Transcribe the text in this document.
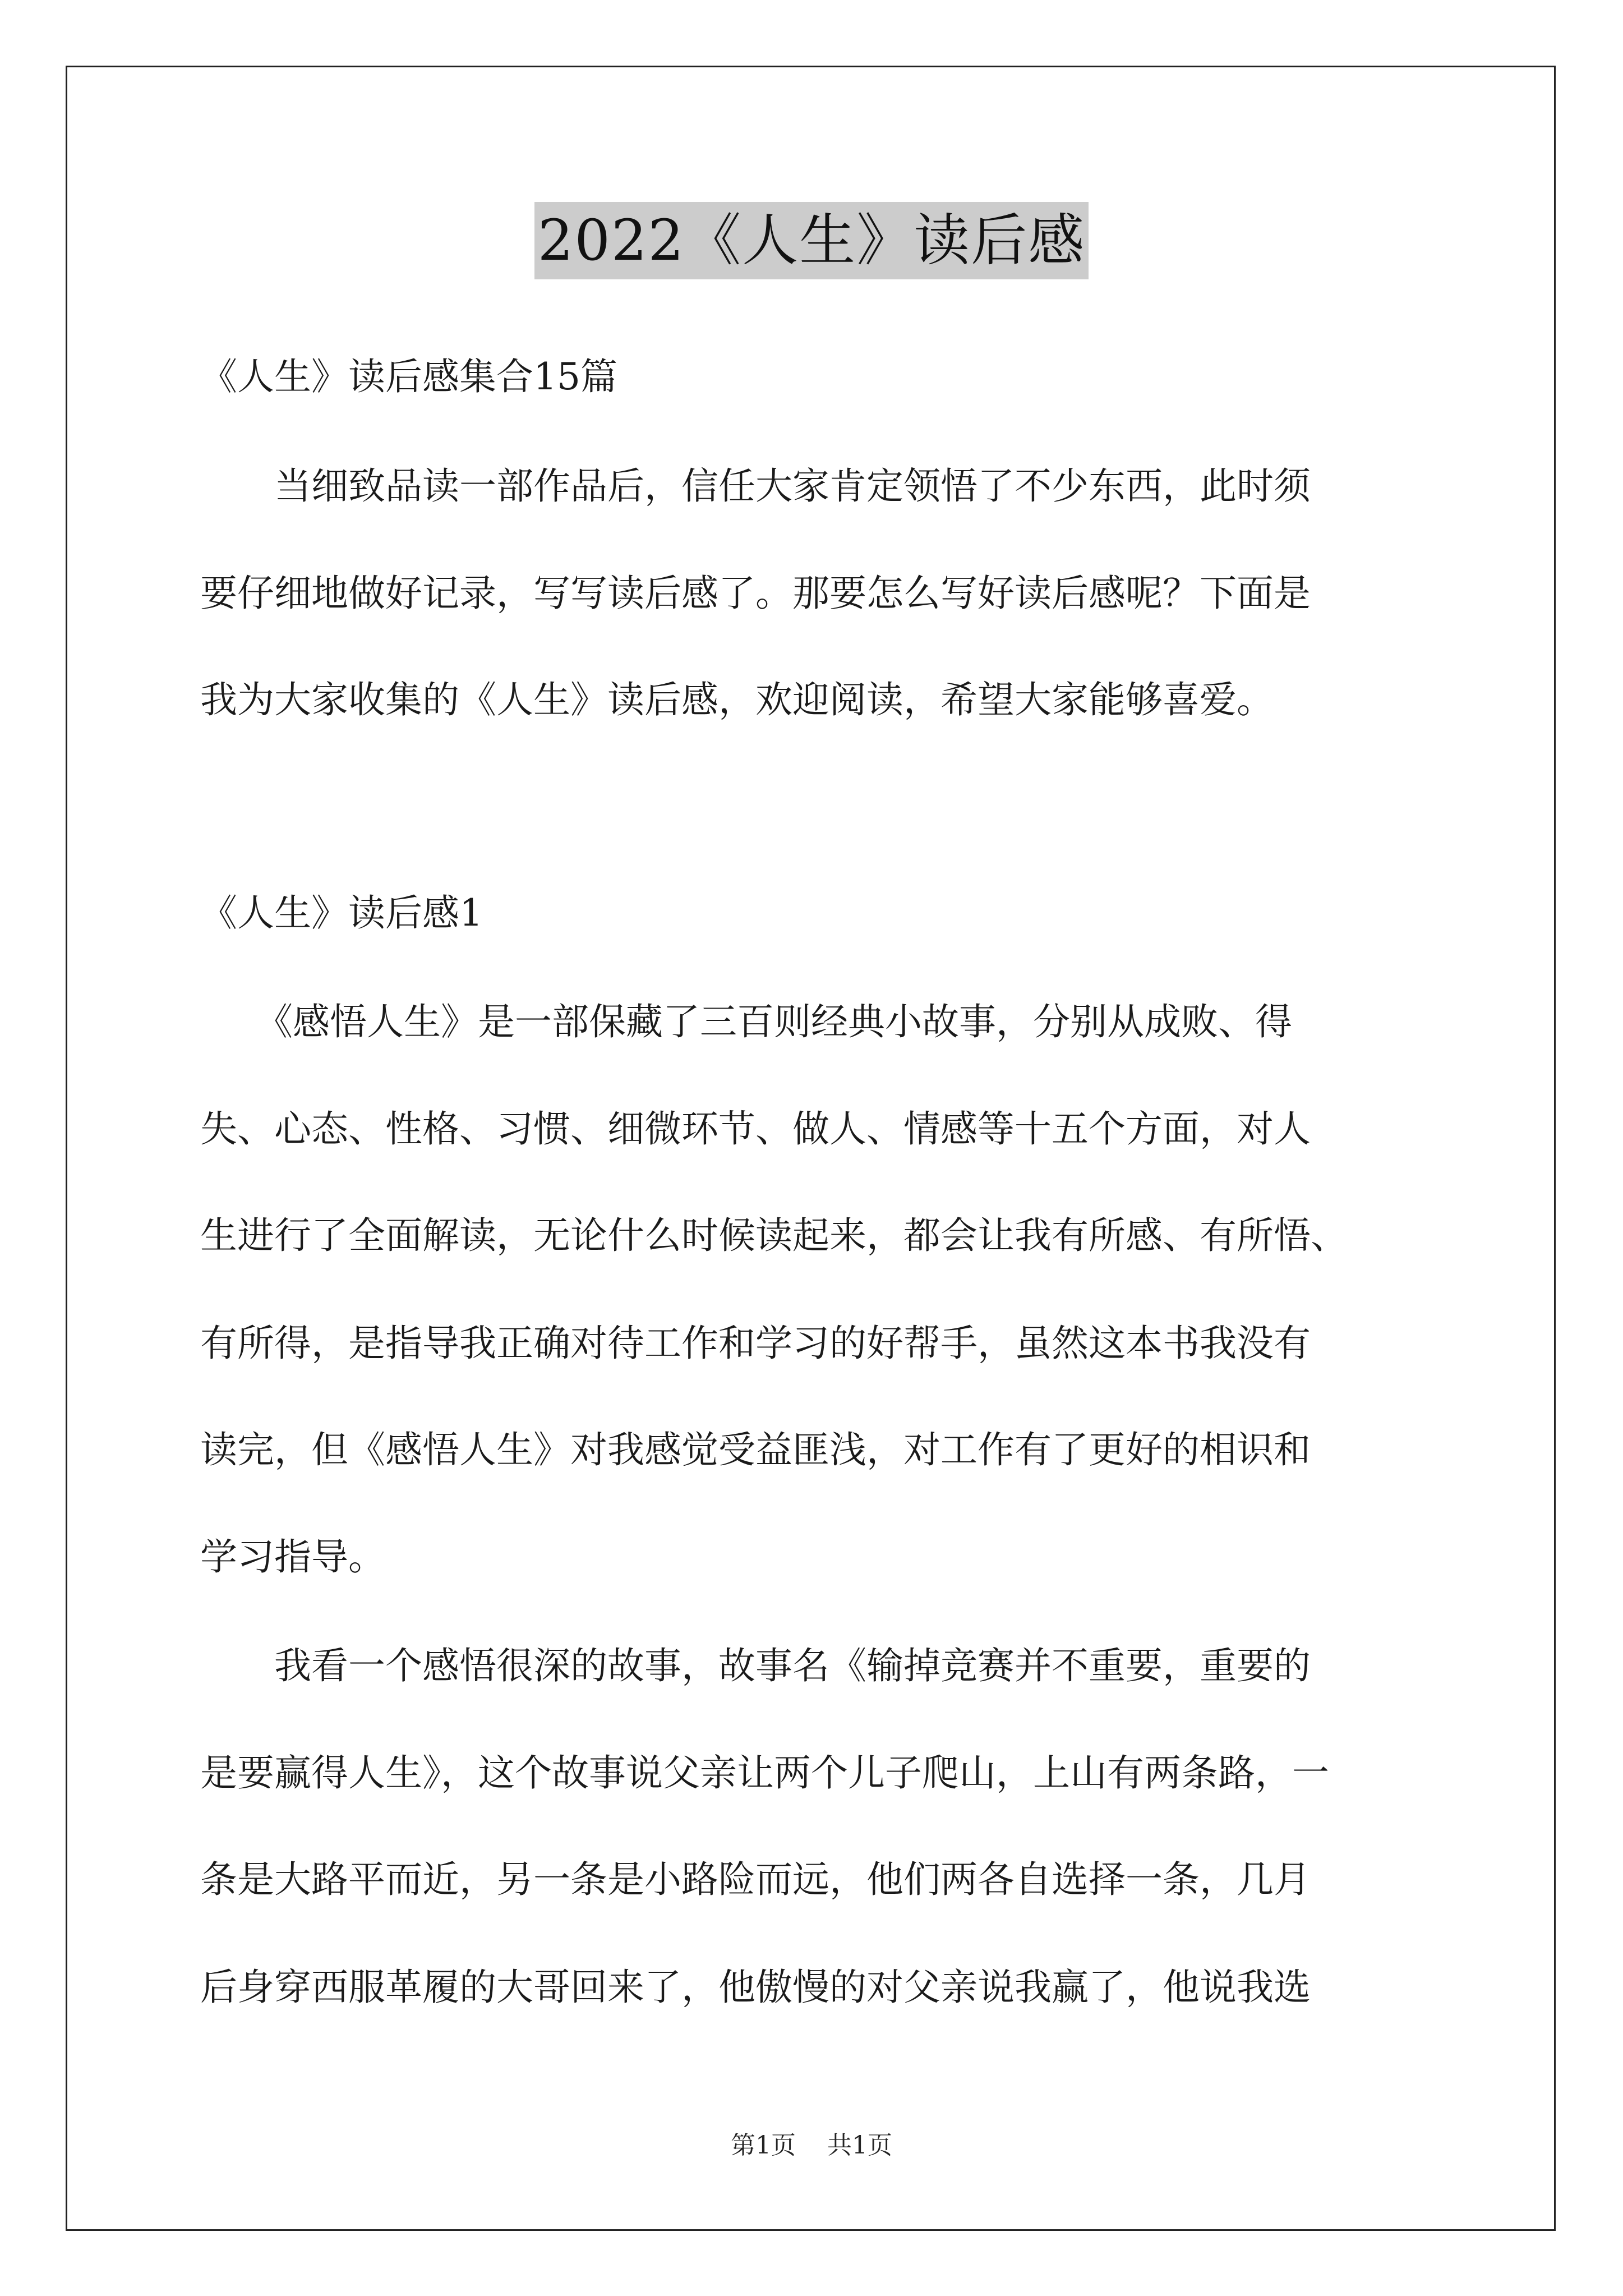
2022《人生》读后感

《人生》读后感集合15篇

　　当细致品读一部作品后，信任大家肯定领悟了不少东西，此时须

要仔细地做好记录，写写读后感了。那要怎么写好读后感呢？下面是

我为大家收集的《人生》读后感，欢迎阅读，希望大家能够喜爱。

《人生》读后感1

　　《感悟人生》是一部保藏了三百则经典小故事，分别从成败、得

失、心态、性格、习惯、细微环节、做人、情感等十五个方面，对人

生进行了全面解读，无论什么时候读起来，都会让我有所感、有所悟、

有所得，是指导我正确对待工作和学习的好帮手，虽然这本书我没有

读完，但《感悟人生》对我感觉受益匪浅，对工作有了更好的相识和

学习指导。

　　我看一个感悟很深的故事，故事名《输掉竞赛并不重要，重要的

是要赢得人生》，这个故事说父亲让两个儿子爬山，上山有两条路，一

条是大路平而近，另一条是小路险而远，他们两各自选择一条，几月

后身穿西服革履的大哥回来了，他傲慢的对父亲说我赢了，他说我选

第1页 共1页
